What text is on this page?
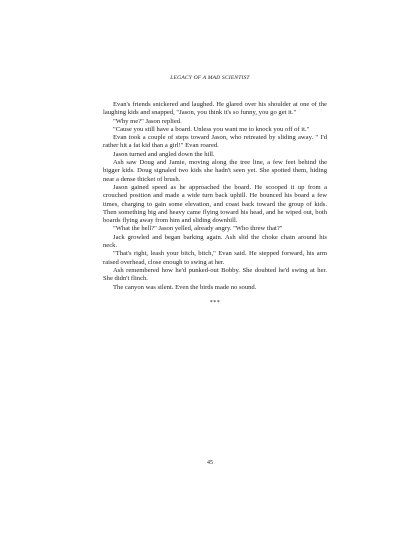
LEGACY OF A MAD SCIENTIST

Evan's friends snickered and laughed. He glared over his shoulder at one of the laughing kids and snapped, "Jason, you think it's so funny, you go get it."

"Why me?" Jason replied.

"Cause you still have a board. Unless you want me to knock you off of it."

Evan took a couple of steps toward Jason, who retreated by sliding away. " I'd rather hit a fat kid than a girl!" Evan roared.

Jason turned and angled down the hill.

Ash saw Doug and Jamie, moving along the tree line, a few feet behind the bigger kids. Doug signaled two kids she hadn't seen yet. She spotted them, hiding near a dense thicket of brush.

Jason gained speed as he approached the board. He scooped it up from a crouched position and made a wide turn back uphill. He bounced his board a few times, charging to gain some elevation, and coast back toward the group of kids. Then something big and heavy came flying toward his head, and he wiped out, both boards flying away from him and sliding downhill.

"What the hell?" Jason yelled, already angry. "Who threw that?"

Jack growled and began barking again. Ash slid the choke chain around his neck.

"That's right, leash your bitch, bitch," Evan said. He stepped forward, his arm raised overhead, close enough to swing at her.

Ash remembered how he'd punked-out Bobby. She doubted he'd swing at her. She didn't flinch.

The canyon was silent. Even the birds made no sound.

***

45
